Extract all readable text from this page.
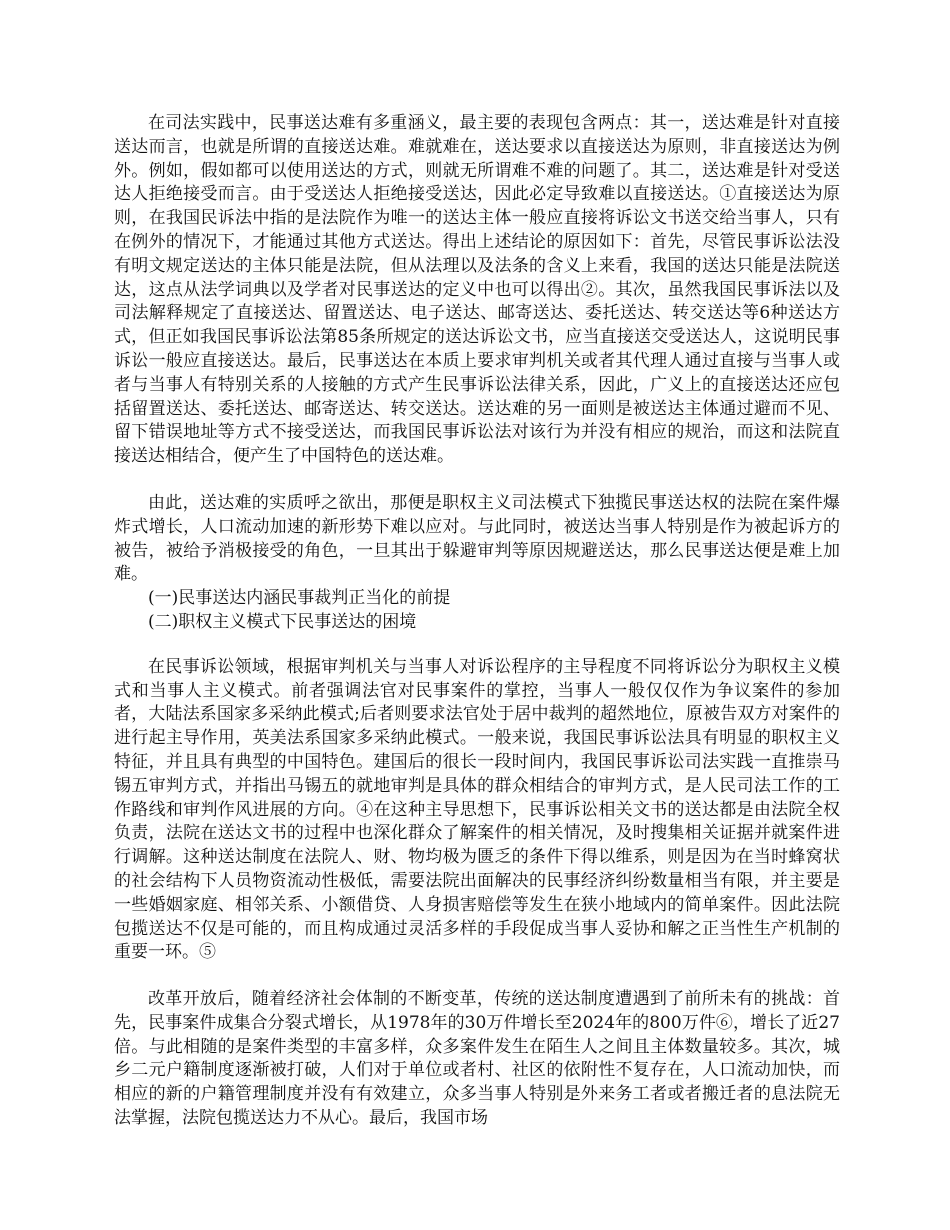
在司法实践中，民事送达难有多重涵义，最主要的表现包含两点：其一，送达难是针对直接送达而言，也就是所谓的直接送达难。难就难在，送达要求以直接送达为原则，非直接送达为例外。例如，假如都可以使用送达的方式，则就无所谓难不难的问题了。其二，送达难是针对受送达人拒绝接受而言。由于受送达人拒绝接受送达，因此必定导致难以直接送达。①直接送达为原则，在我国民诉法中指的是法院作为唯一的送达主体一般应直接将诉讼文书送交给当事人，只有在例外的情况下，才能通过其他方式送达。得出上述结论的原因如下：首先，尽管民事诉讼法没有明文规定送达的主体只能是法院，但从法理以及法条的含义上来看，我国的送达只能是法院送达，这点从法学词典以及学者对民事送达的定义中也可以得出②。其次，虽然我国民事诉法以及司法解释规定了直接送达、留置送达、电子送达、邮寄送达、委托送达、转交送达等6种送达方式，但正如我国民事诉讼法第85条所规定的送达诉讼文书，应当直接送交受送达人，这说明民事诉讼一般应直接送达。最后，民事送达在本质上要求审判机关或者其代理人通过直接与当事人或者与当事人有特别关系的人接触的方式产生民事诉讼法律关系，因此，广义上的直接送达还应包括留置送达、委托送达、邮寄送达、转交送达。送达难的另一面则是被送达主体通过避而不见、留下错误地址等方式不接受送达，而我国民事诉讼法对该行为并没有相应的规治，而这和法院直接送达相结合，便产生了中国特色的送达难。

由此，送达难的实质呼之欲出，那便是职权主义司法模式下独揽民事送达权的法院在案件爆炸式增长，人口流动加速的新形势下难以应对。与此同时，被送达当事人特别是作为被起诉方的被告，被给予消极接受的角色，一旦其出于躲避审判等原因规避送达，那么民事送达便是难上加难。

(一)民事送达内涵民事裁判正当化的前提

(二)职权主义模式下民事送达的困境

在民事诉讼领域，根据审判机关与当事人对诉讼程序的主导程度不同将诉讼分为职权主义模式和当事人主义模式。前者强调法官对民事案件的掌控，当事人一般仅仅作为争议案件的参加者，大陆法系国家多采纳此模式;后者则要求法官处于居中裁判的超然地位，原被告双方对案件的进行起主导作用，英美法系国家多采纳此模式。一般来说，我国民事诉讼法具有明显的职权主义特征，并且具有典型的中国特色。建国后的很长一段时间内，我国民事诉讼司法实践一直推崇马锡五审判方式，并指出马锡五的就地审判是具体的群众相结合的审判方式，是人民司法工作的工作路线和审判作风进展的方向。④在这种主导思想下，民事诉讼相关文书的送达都是由法院全权负责，法院在送达文书的过程中也深化群众了解案件的相关情况，及时搜集相关证据并就案件进行调解。这种送达制度在法院人、财、物均极为匮乏的条件下得以维系，则是因为在当时蜂窝状的社会结构下人员物资流动性极低，需要法院出面解决的民事经济纠纷数量相当有限，并主要是一些婚姻家庭、相邻关系、小额借贷、人身损害赔偿等发生在狭小地域内的简单案件。因此法院包揽送达不仅是可能的，而且构成通过灵活多样的手段促成当事人妥协和解之正当性生产机制的重要一环。⑤

改革开放后，随着经济社会体制的不断变革，传统的送达制度遭遇到了前所未有的挑战：首先，民事案件成集合分裂式增长，从1978年的30万件增长至2024年的800万件⑥，增长了近27倍。与此相随的是案件类型的丰富多样，众多案件发生在陌生人之间且主体数量较多。其次，城乡二元户籍制度逐渐被打破，人们对于单位或者村、社区的依附性不复存在，人口流动加快，而相应的新的户籍管理制度并没有有效建立，众多当事人特别是外来务工者或者搬迁者的息法院无法掌握，法院包揽送达力不从心。最后，我国市场
